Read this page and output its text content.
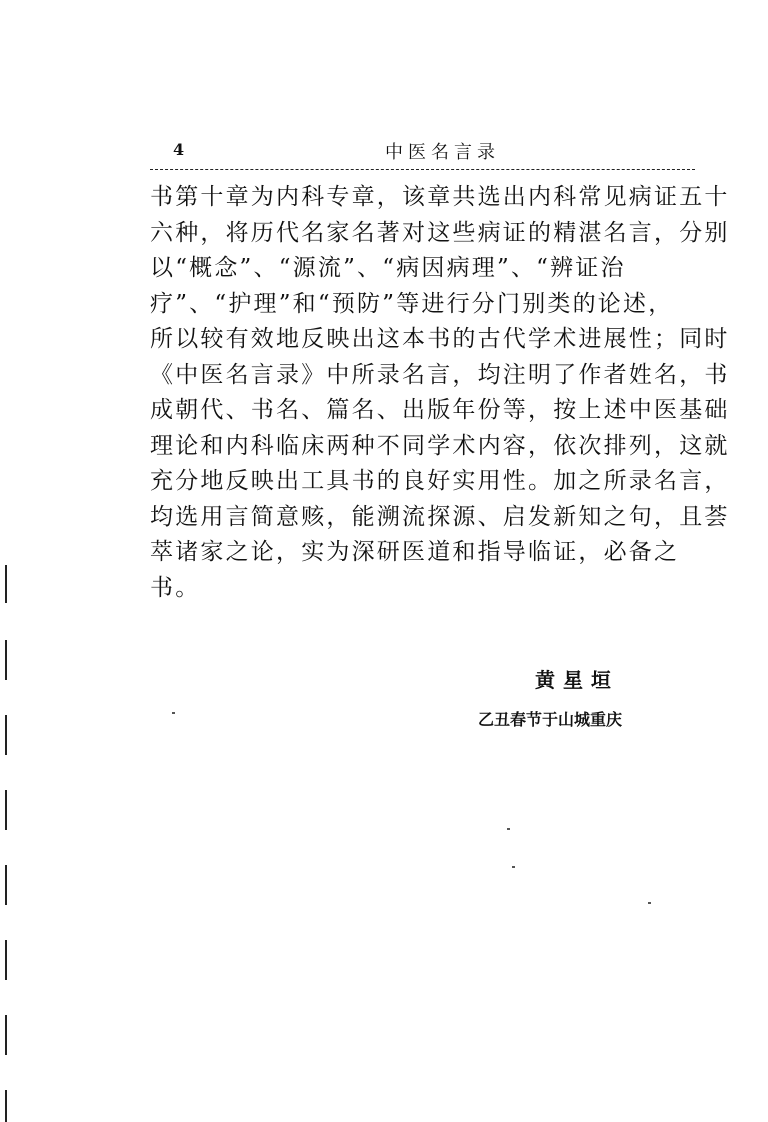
4	中医名言录
书第十章为内科专章，该章共选出内科常见病证五十
六种，将历代名家名著对这些病证的精湛名言，分别
以“概念”、“源流”、“病因病理”、“辨证治
疗”、“护理”和“预防”等进行分门别类的论述，
所以较有效地反映出这本书的古代学术进展性；同时
《中医名言录》中所录名言，均注明了作者姓名，书
成朝代、书名、篇名、出版年份等，按上述中医基础
理论和内科临床两种不同学术内容，依次排列，这就
充分地反映出工具书的良好实用性。加之所录名言，
均选用言简意赅，能溯流探源、启发新知之句，且荟
萃诸家之论，实为深研医道和指导临证，必备之
书。
黄星垣
乙丑春节于山城重庆
